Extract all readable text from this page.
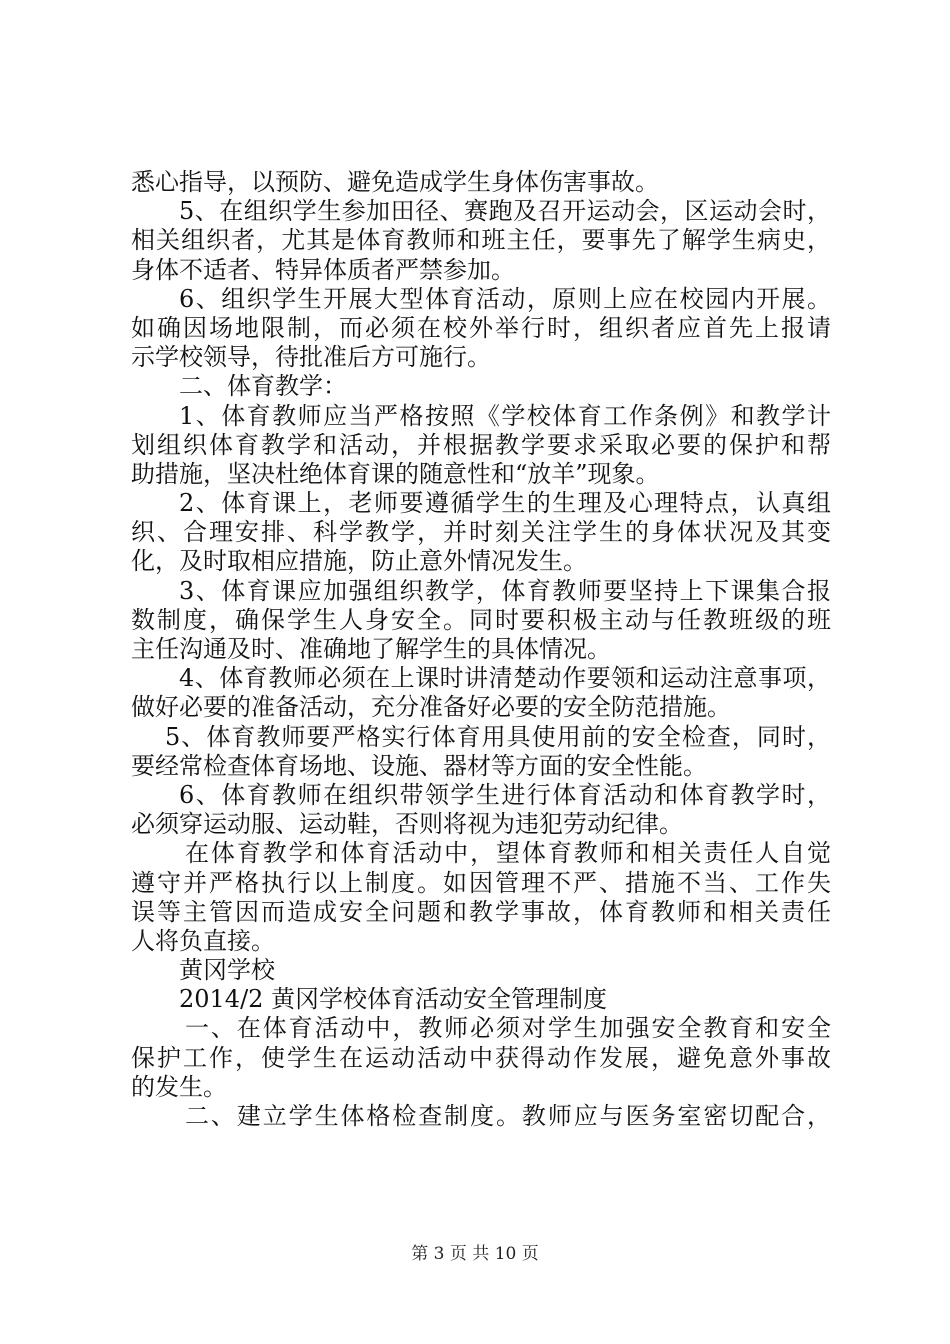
悉心指导，以预防、避免造成学生身体伤害事故。
5、在组织学生参加田径、赛跑及召开运动会，区运动会时，
相关组织者，尤其是体育教师和班主任，要事先了解学生病史，
身体不适者、特异体质者严禁参加。
6、组织学生开展大型体育活动，原则上应在校园内开展。
如确因场地限制，而必须在校外举行时，组织者应首先上报请
示学校领导，待批准后方可施行。
二、体育教学：
1、体育教师应当严格按照《学校体育工作条例》和教学计
划组织体育教学和活动，并根据教学要求采取必要的保护和帮
助措施，坚决杜绝体育课的随意性和“放羊”现象。
2、体育课上，老师要遵循学生的生理及心理特点，认真组
织、合理安排、科学教学，并时刻关注学生的身体状况及其变
化，及时取相应措施，防止意外情况发生。
3、体育课应加强组织教学，体育教师要坚持上下课集合报
数制度，确保学生人身安全。同时要积极主动与任教班级的班
主任沟通及时、准确地了解学生的具体情况。
4、体育教师必须在上课时讲清楚动作要领和运动注意事项，
做好必要的准备活动，充分准备好必要的安全防范措施。
5、体育教师要严格实行体育用具使用前的安全检查，同时，
要经常检查体育场地、设施、器材等方面的安全性能。
6、体育教师在组织带领学生进行体育活动和体育教学时，
必须穿运动服、运动鞋，否则将视为违犯劳动纪律。
在体育教学和体育活动中，望体育教师和相关责任人自觉
遵守并严格执行以上制度。如因管理不严、措施不当、工作失
误等主管因而造成安全问题和教学事故，体育教师和相关责任
人将负直接。
黄冈学校
2014/2 黄冈学校体育活动安全管理制度
一、在体育活动中，教师必须对学生加强安全教育和安全
保护工作，使学生在运动活动中获得动作发展，避免意外事故
的发生。
二、建立学生体格检查制度。教师应与医务室密切配合，
第 3 页 共 10 页
